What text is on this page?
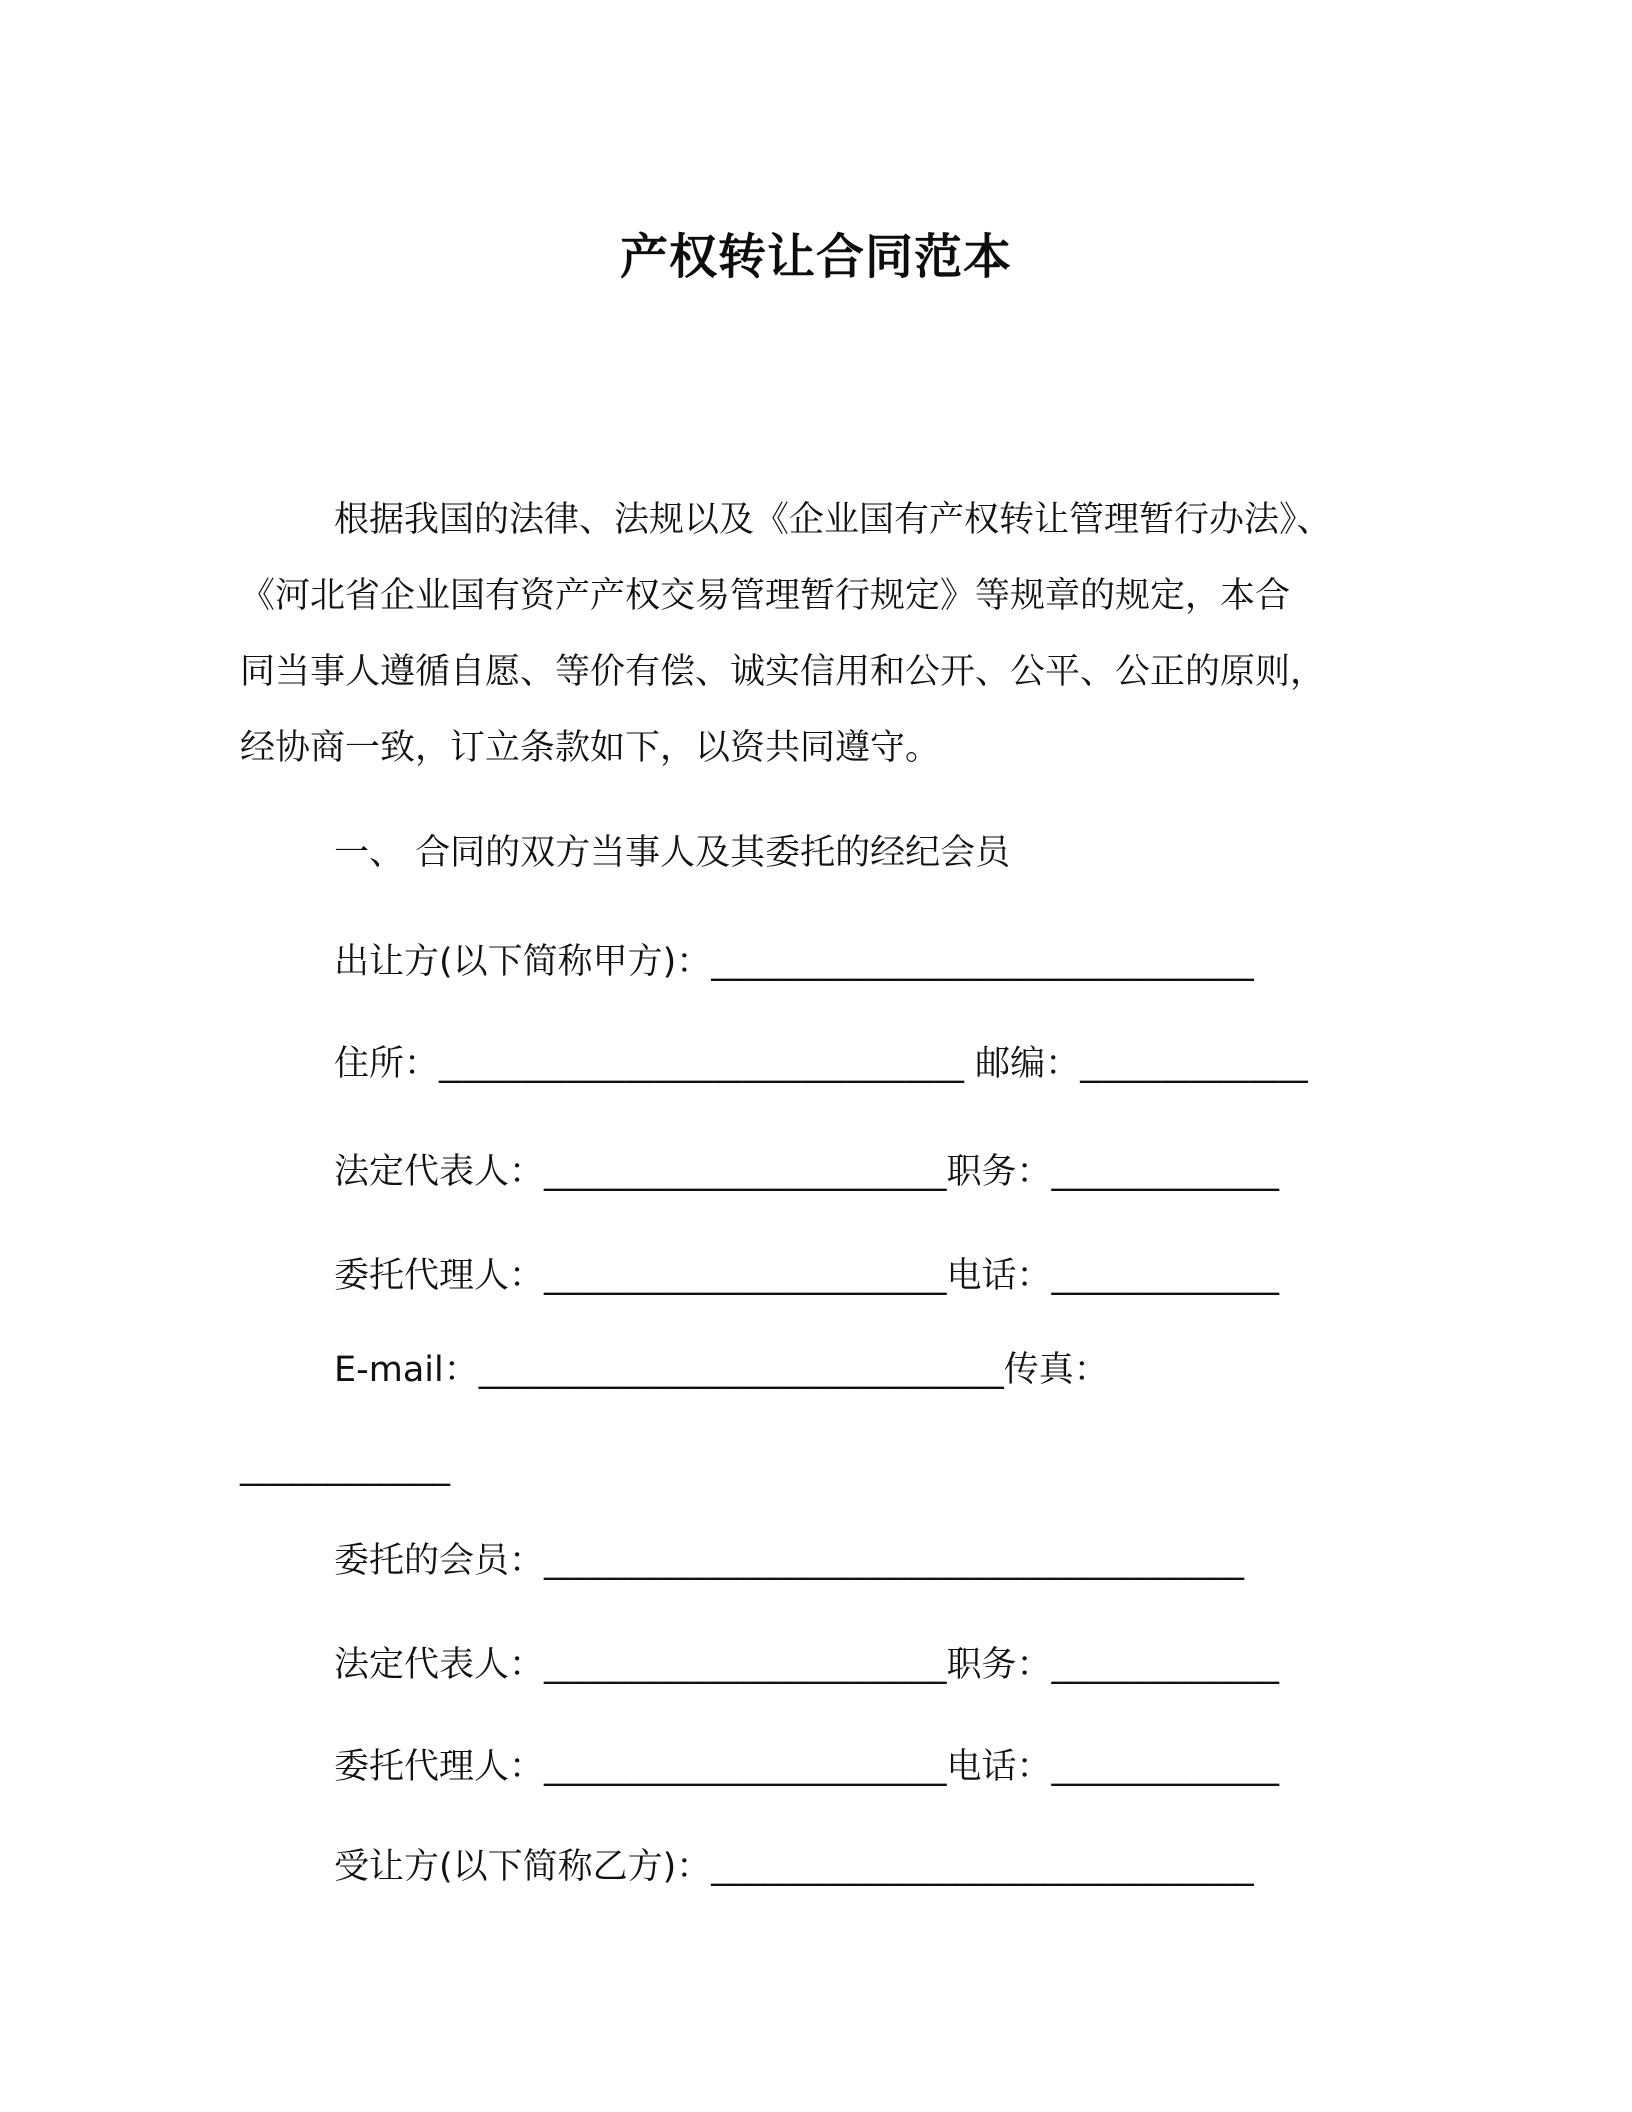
产权转让合同范本
根据我国的法律、法规以及《企业国有产权转让管理暂行办法》、
《河北省企业国有资产产权交易管理暂行规定》等规章的规定，本合
同当事人遵循自愿、等价有偿、诚实信用和公开、公平、公正的原则，
经协商一致，订立条款如下，以资共同遵守。
一、 合同的双方当事人及其委托的经纪会员
出让方(以下简称甲方)：_______________________________
住所：______________________________ 邮编：_____________
法定代表人：_______________________职务：_____________
委托代理人：_______________________电话：_____________
E-mail：______________________________传真：
____________
委托的会员：________________________________________
法定代表人：_______________________职务：_____________
委托代理人：_______________________电话：_____________
受让方(以下简称乙方)：_______________________________
